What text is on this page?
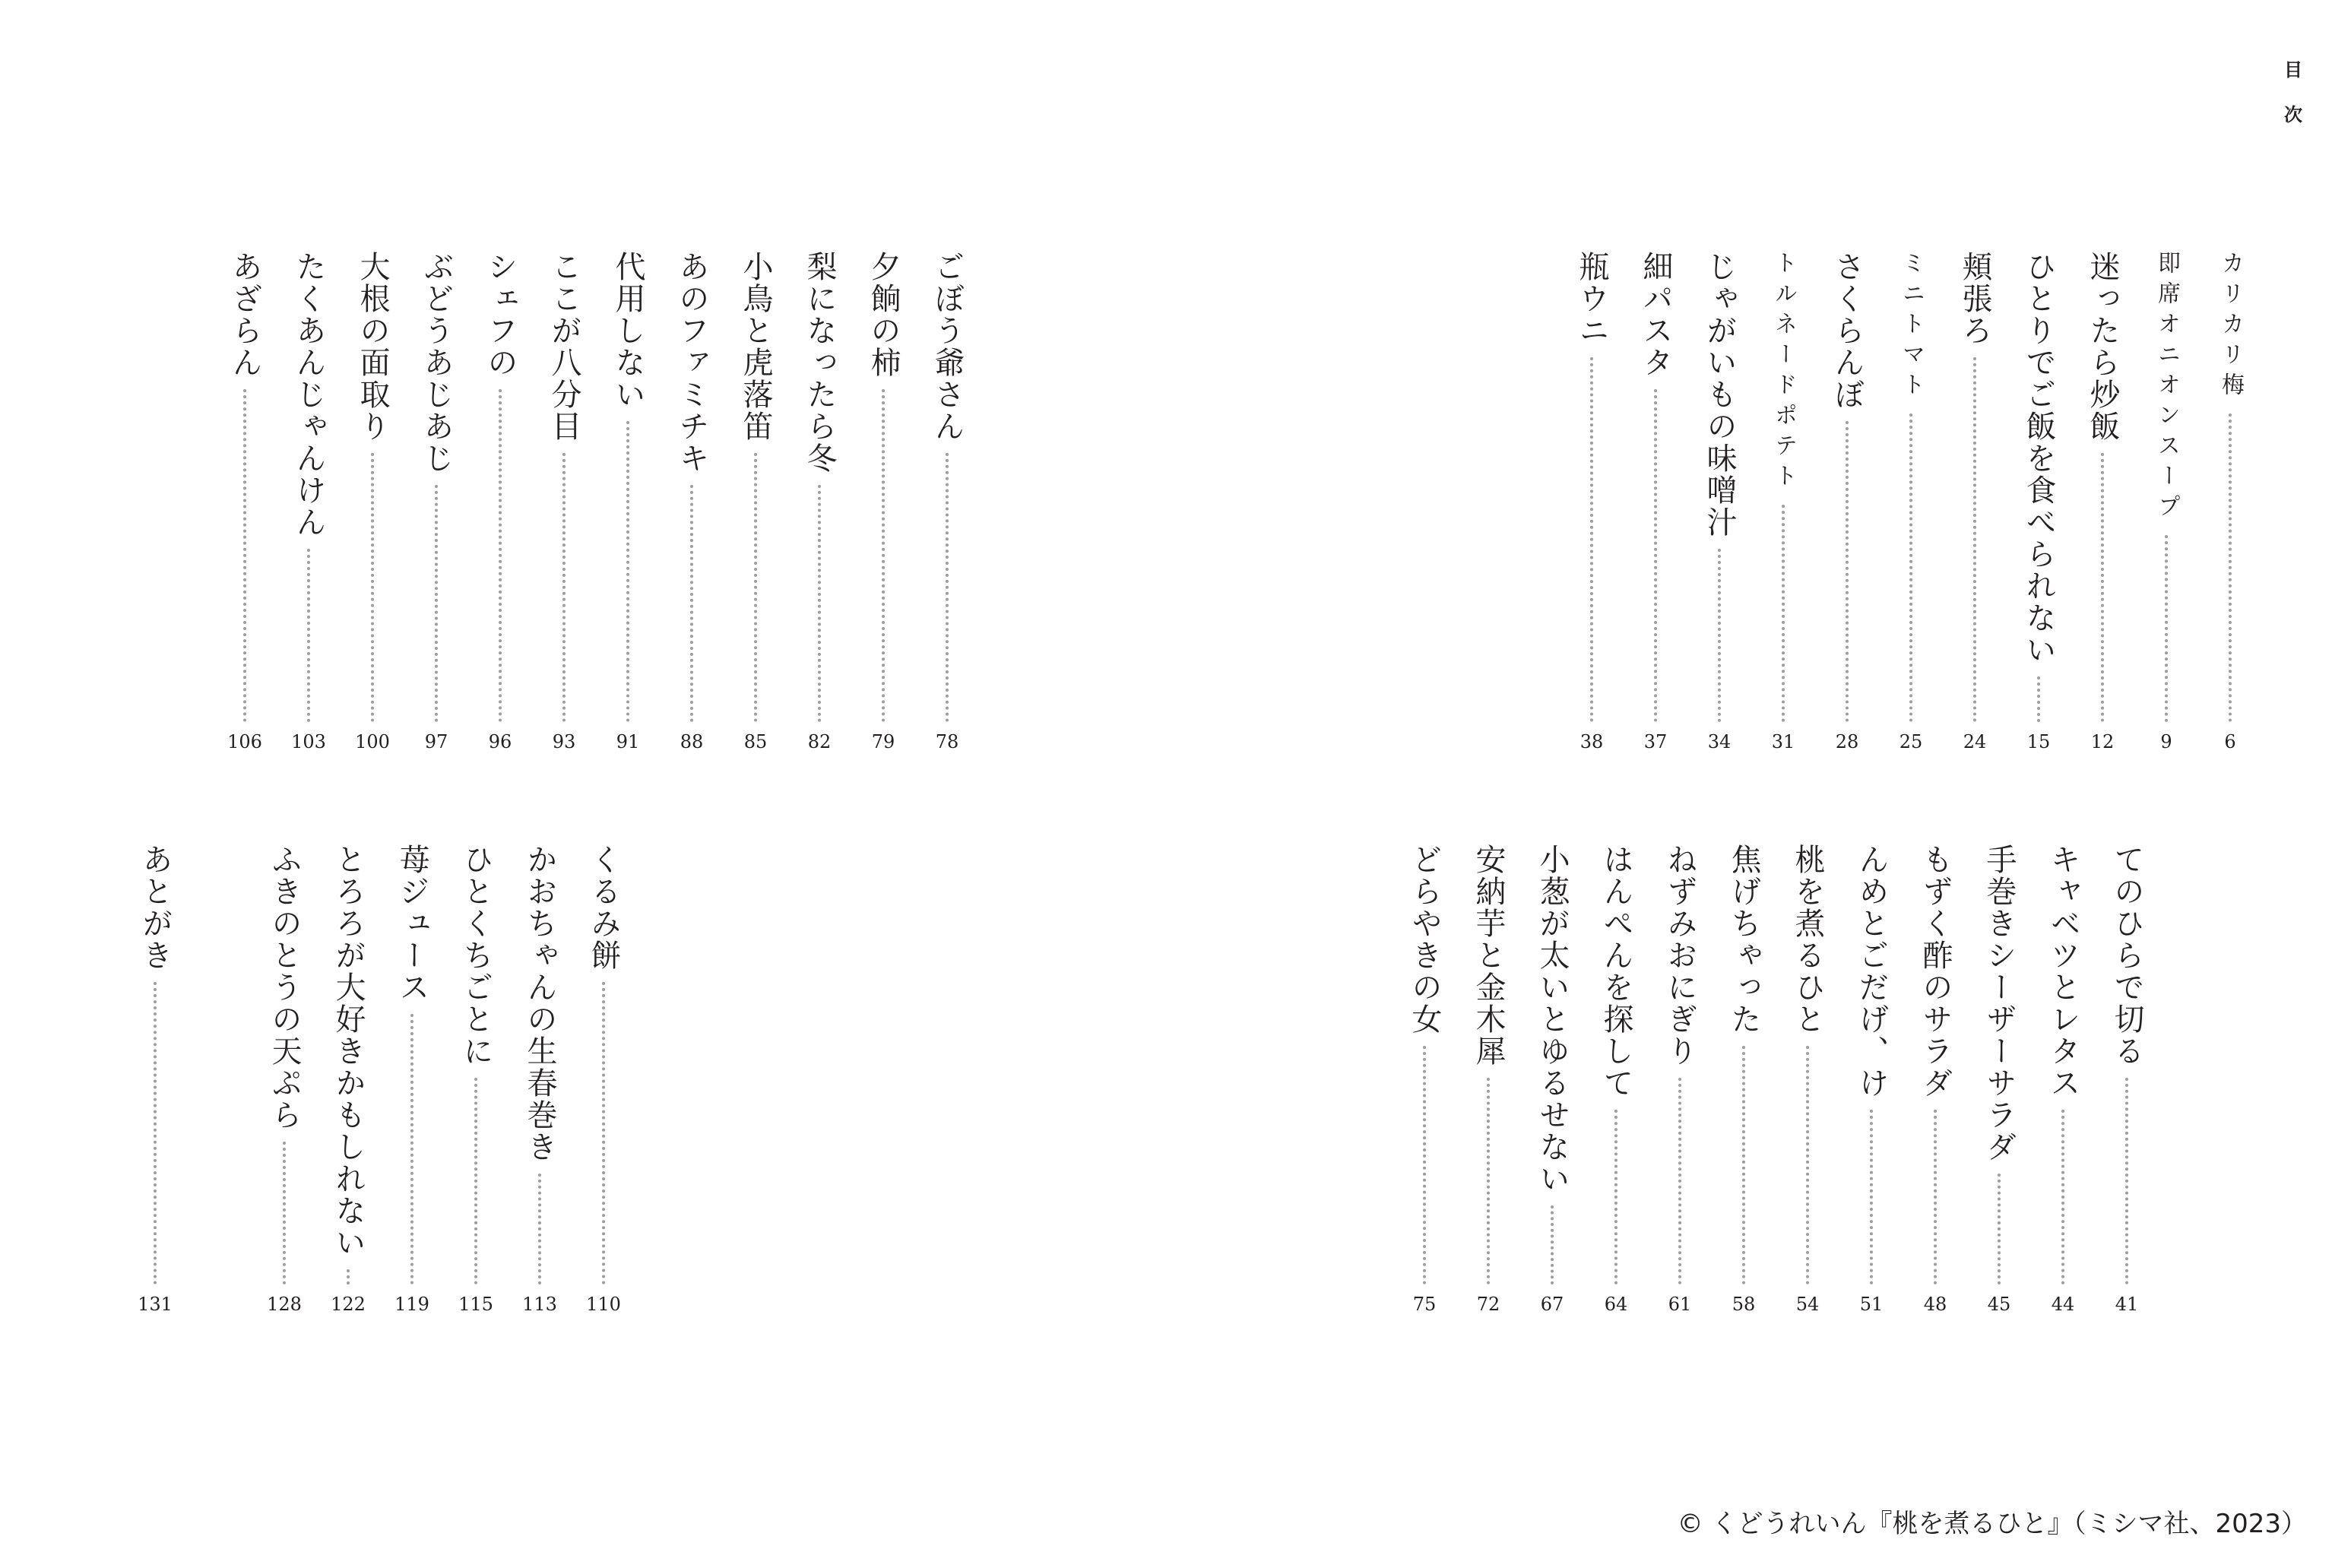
目
次
カリカリ梅
6
即席オニオンスープ
9
迷ったら炒飯
12
ひとりでご飯を食べられない
15
頬張ろ
24
ミニトマト
25
さくらんぼ
28
トルネードポテト
31
じゃがいもの味噌汁
34
細パスタ
37
瓶ウニ
38
てのひらで切る
41
キャベツとレタス
44
手巻きシーザーサラダ
45
もずく酢のサラダ
48
んめとごだげ、け
51
桃を煮るひと
54
焦げちゃった
58
ねずみおにぎり
61
はんぺんを探して
64
小葱が太いとゆるせない
67
安納芋と金木犀
72
どらやきの女
75
ごぼう爺さん
78
夕餉の柿
79
梨になったら冬
82
小鳥と虎落笛
85
あのファミチキ
88
代用しない
91
ここが八分目
93
シェフの
96
ぶどうあじあじ
97
大根の面取り
100
たくあんじゃんけん
103
あざらん
106
くるみ餅
110
かおちゃんの生春巻き
113
ひとくちごとに
115
苺ジュース
119
とろろが大好きかもしれない
122
ふきのとうの天ぷら
128
あとがき
131
© くどうれいん『桃を煮るひと』（ミシマ社、2023）
